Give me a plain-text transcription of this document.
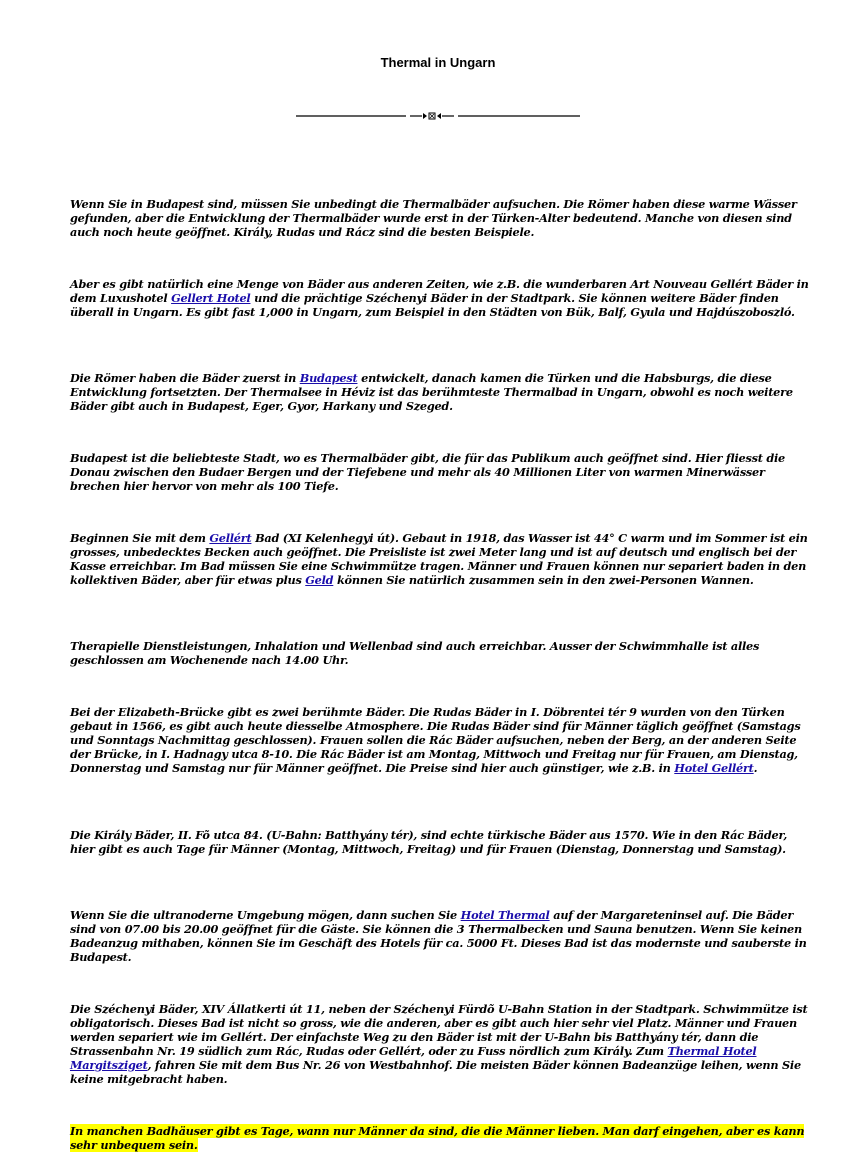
Thermal in Ungarn

Wenn Sie in Budapest sind, müssen Sie unbedingt die Thermalbäder aufsuchen. Die Römer haben diese warme Wässer gefunden, aber die Entwicklung der Thermalbäder wurde erst in der Türken-Alter bedeutend. Manche von diesen sind auch noch heute geöffnet. Király, Rudas und Rácz sind die besten Beispiele.

Aber es gibt natürlich eine Menge von Bäder aus anderen Zeiten, wie z.B. die wunderbaren Art Nouveau Gellért Bäder in dem Luxushotel Gellert Hotel und die prächtige Széchenyi Bäder in der Stadtpark. Sie können weitere Bäder finden überall in Ungarn. Es gibt fast 1,000 in Ungarn, zum Beispiel in den Städten von Bük, Balf, Gyula und Hajdúszoboszló.

Die Römer haben die Bäder zuerst in Budapest entwickelt, danach kamen die Türken und die Habsburgs, die diese Entwicklung fortsetzten. Der Thermalsee in Héviz ist das berühmteste Thermalbad in Ungarn, obwohl es noch weitere Bäder gibt auch in Budapest, Eger, Gyor, Harkany und Szeged.

Budapest ist die beliebteste Stadt, wo es Thermalbäder gibt, die für das Publikum auch geöffnet sind. Hier fliesst die Donau zwischen den Budaer Bergen und der Tiefebene und mehr als 40 Millionen Liter von warmen Minerwässer brechen hier hervor von mehr als 100 Tiefe.

Beginnen Sie mit dem Gellért Bad (XI Kelenhegyi út). Gebaut in 1918, das Wasser ist 44° C warm und im Sommer ist ein grosses, unbedecktes Becken auch geöffnet. Die Preisliste ist zwei Meter lang und ist auf deutsch und englisch bei der Kasse erreichbar. Im Bad müssen Sie eine Schwimmütze tragen. Männer und Frauen können nur separiert baden in den kollektiven Bäder, aber für etwas plus Geld können Sie natürlich zusammen sein in den zwei-Personen Wannen.

Therapielle Dienstleistungen, Inhalation und Wellenbad sind auch erreichbar. Ausser der Schwimmhalle ist alles geschlossen am Wochenende nach 14.00 Uhr.

Bei der Elizabeth-Brücke gibt es zwei berühmte Bäder. Die Rudas Bäder in I. Döbrentei tér 9 wurden von den Türken gebaut in 1566, es gibt auch heute diesselbe Atmosphere. Die Rudas Bäder sind für Männer täglich geöffnet (Samstags und Sonntags Nachmittag geschlossen). Frauen sollen die Rác Bäder aufsuchen, neben der Berg, an der anderen Seite der Brücke, in I. Hadnagy utca 8-10. Die Rác Bäder ist am Montag, Mittwoch und Freitag nur für Frauen, am Dienstag, Donnerstag und Samstag nur für Männer geöffnet. Die Preise sind hier auch günstiger, wie z.B. in Hotel Gellért.

Die Király Bäder, II. Fõ utca 84. (U-Bahn: Batthyány tér), sind echte türkische Bäder aus 1570. Wie in den Rác Bäder, hier gibt es auch Tage für Männer (Montag, Mittwoch, Freitag) und für Frauen (Dienstag, Donnerstag und Samstag).

Wenn Sie die ultranoderne Umgebung mögen, dann suchen Sie Hotel Thermal auf der Margareteninsel auf. Die Bäder sind von 07.00 bis 20.00 geöffnet für die Gäste. Sie können die 3 Thermalbecken und Sauna benutzen. Wenn Sie keinen Badeanzug mithaben, können Sie im Geschäft des Hotels für ca. 5000 Ft. Dieses Bad ist das modernste und sauberste in Budapest.

Die Széchenyi Bäder, XIV Állatkerti út 11, neben der Széchenyi Fürdõ U-Bahn Station in der Stadtpark. Schwimmütze ist obligatorisch. Dieses Bad ist nicht so gross, wie die anderen, aber es gibt auch hier sehr viel Platz. Männer und Frauen werden separiert wie im Gellért. Der einfachste Weg zu den Bäder ist mit der U-Bahn bis Batthyány tér, dann die Strassenbahn Nr. 19 südlich zum Rác, Rudas oder Gellért, oder zu Fuss nördlich zum Király. Zum Thermal Hotel Margitsziget, fahren Sie mit dem Bus Nr. 26 von Westbahnhof. Die meisten Bäder können Badeanzüge leihen, wenn Sie keine mitgebracht haben.

In manchen Badhäuser gibt es Tage, wann nur Männer da sind, die die Männer lieben. Man darf eingehen, aber es kann sehr unbequem sein.
